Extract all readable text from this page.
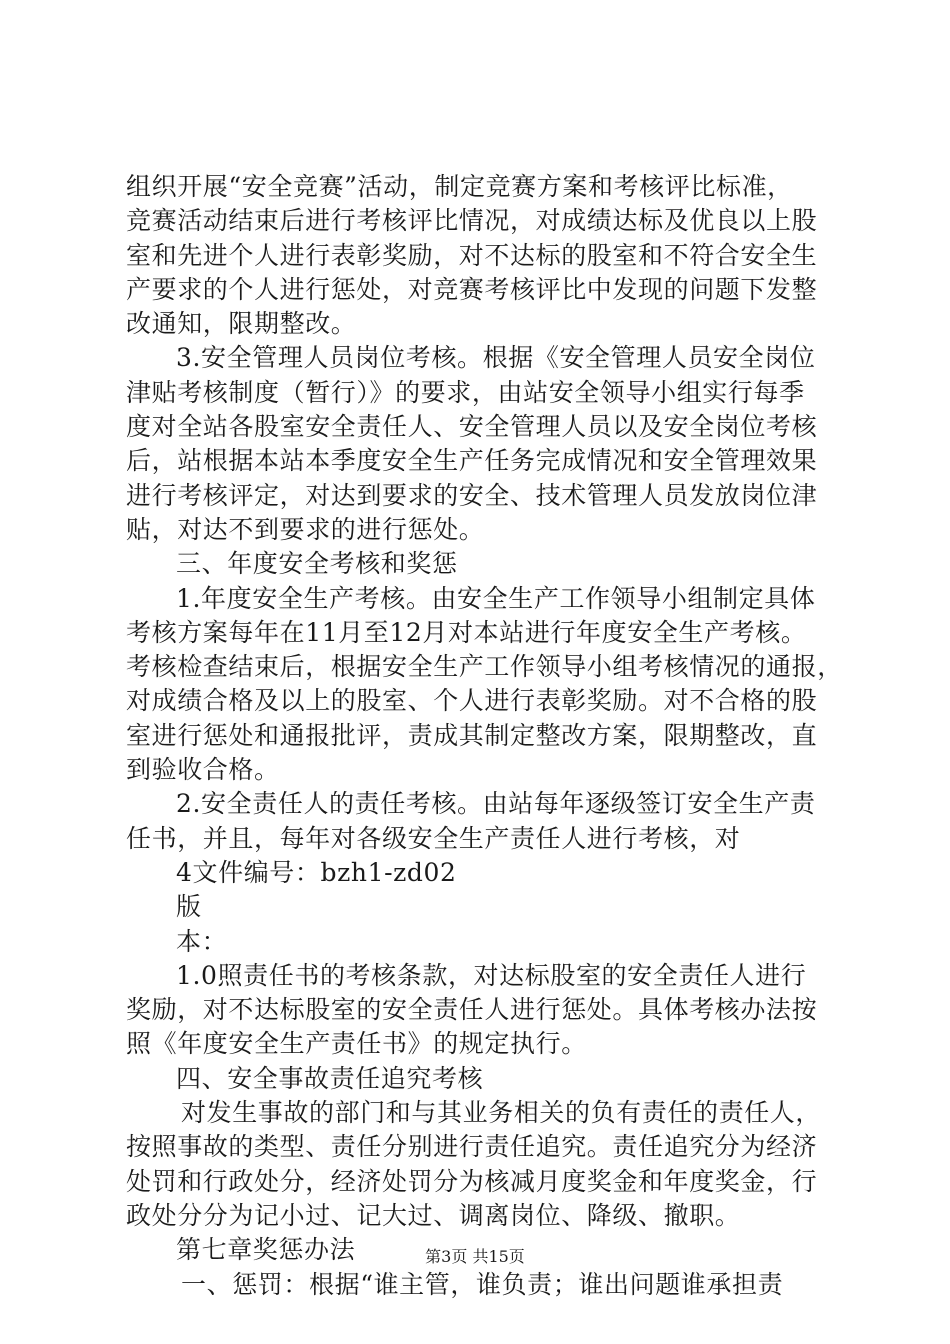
组织开展“安全竞赛”活动，制定竞赛方案和考核评比标准，
竞赛活动结束后进行考核评比情况，对成绩达标及优良以上股
室和先进个人进行表彰奖励，对不达标的股室和不符合安全生
产要求的个人进行惩处，对竞赛考核评比中发现的问题下发整
改通知，限期整改。
3.安全管理人员岗位考核。根据《安全管理人员安全岗位
津贴考核制度（暂行）》的要求，由站安全领导小组实行每季
度对全站各股室安全责任人、安全管理人员以及安全岗位考核
后，站根据本站本季度安全生产任务完成情况和安全管理效果
进行考核评定，对达到要求的安全、技术管理人员发放岗位津
贴，对达不到要求的进行惩处。
三、年度安全考核和奖惩
1.年度安全生产考核。由安全生产工作领导小组制定具体
考核方案每年在11月至12月对本站进行年度安全生产考核。
考核检查结束后，根据安全生产工作领导小组考核情况的通报，
对成绩合格及以上的股室、个人进行表彰奖励。对不合格的股
室进行惩处和通报批评，责成其制定整改方案，限期整改，直
到验收合格。
2.安全责任人的责任考核。由站每年逐级签订安全生产责
任书，并且，每年对各级安全生产责任人进行考核，对
4文件编号：bzh1-zd02
版
本：
1.0照责任书的考核条款，对达标股室的安全责任人进行
奖励，对不达标股室的安全责任人进行惩处。具体考核办法按
照《年度安全生产责任书》的规定执行。
四、安全事故责任追究考核
对发生事故的部门和与其业务相关的负有责任的责任人，
按照事故的类型、责任分别进行责任追究。责任追究分为经济
处罚和行政处分，经济处罚分为核减月度奖金和年度奖金，行
政处分分为记小过、记大过、调离岗位、降级、撤职。
第七章奖惩办法
一、惩罚：根据“谁主管，谁负责；谁出问题谁承担责
第3页 共15页
